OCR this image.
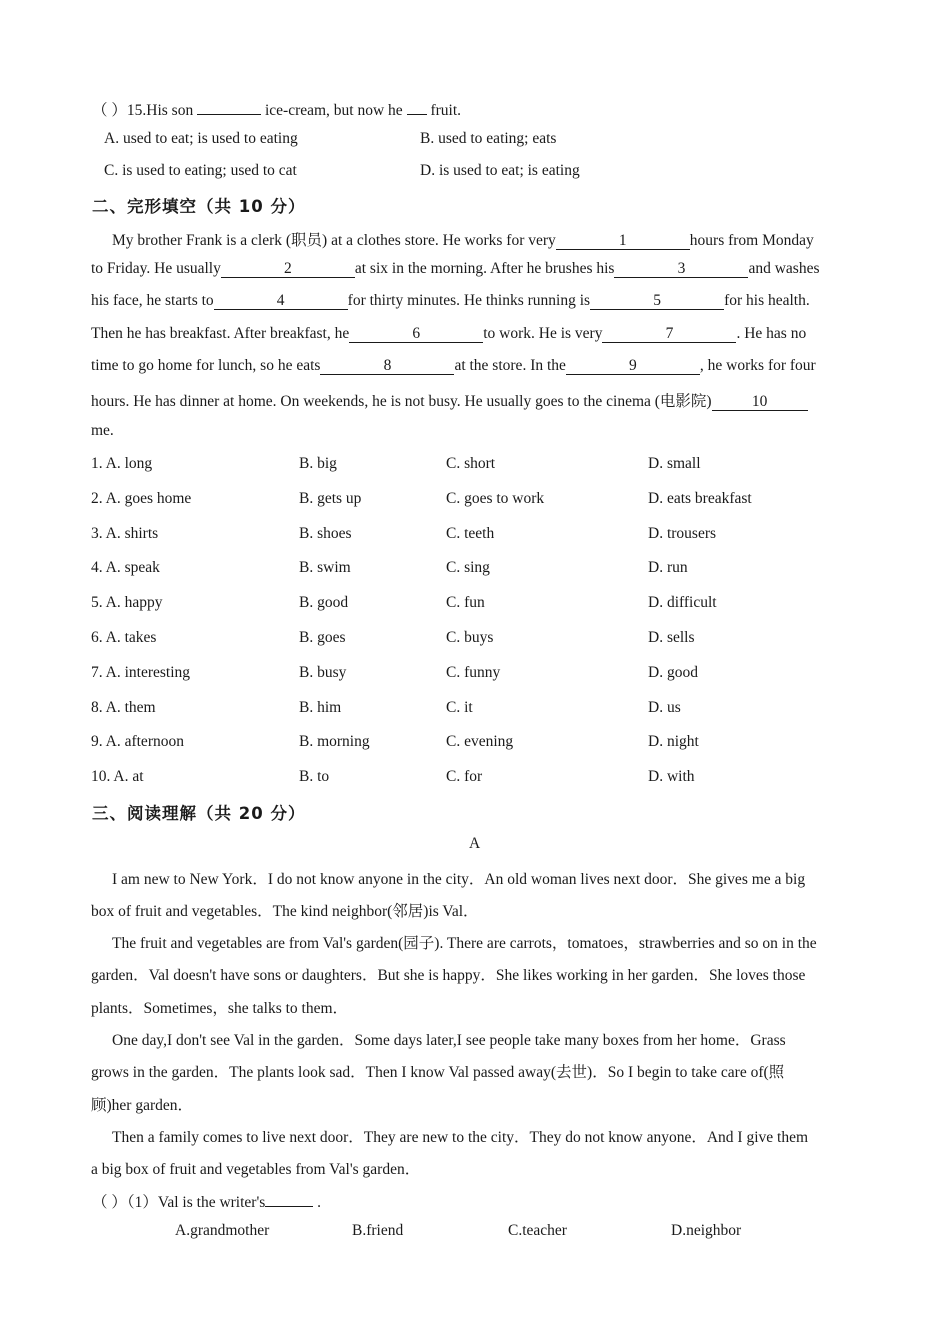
（ ）15.His son	ice-cream, but now he  fruit.
A. used to eat; is used to eating	B. used to eating; eats
C. is used to eating; used to cat	D. is used to eat; is eating
二、完形填空（共 10 分）
My brother Frank is a clerk (职员) at a clothes store. He works for very	1	hours from Monday
to Friday. He usually	2	at six in the morning. After he brushes his	3	and washes
his face, he starts to	4	for thirty minutes. He thinks running is	5	for his health.
Then he has breakfast. After breakfast, he	6	to work. He is very	7	. He has no
time to go home for lunch, so he eats	8	at the store. In the	9	, he works for four
hours. He has dinner at home. On weekends, he is not busy. He usually goes to the cinema (电影院)	10
me.
1. A. long	B. big	C. short	D. small
2. A. goes home	B. gets up	C. goes to work	D. eats breakfast
3. A. shirts	B. shoes	C. teeth	D. trousers
4. A. speak	B. swim	C. sing	D. run
5. A. happy	B. good	C. fun	D. difficult
6. A. takes	B. goes	C. buys	D. sells
7. A. interesting	B. busy	C. funny	D. good
8. A. them	B. him	C. it	D. us
9. A. afternoon	B. morning	C. evening	D. night
10. A. at	B. to	C. for	D. with
三、阅读理解（共 20 分）
A
I am new to New York．I do not know anyone in the city．An old woman lives next door．She gives me a big
box of fruit and vegetables．The kind neighbor(邻居)is Val．
The fruit and vegetables are from Val's garden(园子). There are carrots，tomatoes，strawberries and so on in the
garden．Val doesn't have sons or daughters．But she is happy．She likes working in her garden．She loves those
plants．Sometimes，she talks to them．
One day,I don't see Val in the garden．Some days later,I see people take many boxes from her home．Grass
grows in the garden．The plants look sad．Then I know Val passed away(去世)．So I begin to take care of(照
顾)her garden．
Then a family comes to live next door．They are new to the city．They do not know anyone．And I give them
a big box of fruit and vegetables from Val's garden．
（ ）（1）Val is the writer's	.
A.grandmother	B.friend	C.teacher	D.neighbor
